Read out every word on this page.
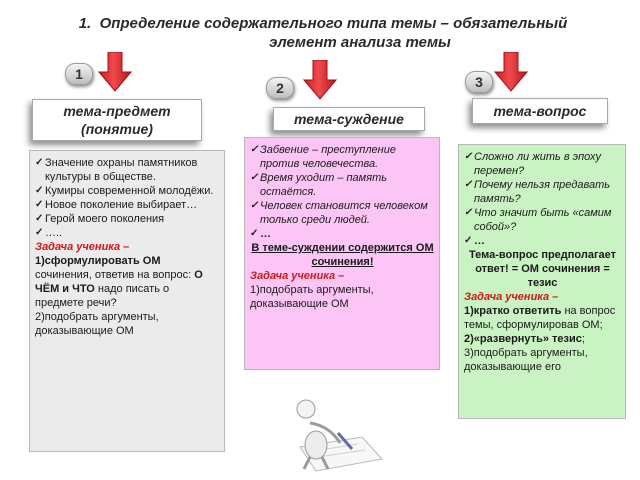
1. Определение содержательного типа темы – обязательный
элемент анализа темы
1
2	3
тема-предмет (понятие)
тема-суждение	тема-вопрос
✓ Значение охраны памятников культуры в обществе.
✓ Кумиры современной молодёжи.
✓ Новое поколение выбирает…
✓ Герой моего поколения
✓ …..
Задача ученика –
1)сформулировать ОМ сочинения, ответив на вопрос: О ЧЁМ и ЧТО надо писать о предмете речи?
2)подобрать аргументы, доказывающие ОМ
✓ Забвение – преступление против человечества.
✓ Время уходит – память остаётся.
✓ Человек становится человеком только среди людей.
✓ …
В теме-суждении содержится ОМ сочинения!
Задача ученика –
1)подобрать аргументы, доказывающие ОМ
✓ Сложно ли жить в эпоху перемен?
✓ Почему нельзя предавать память?
✓ Что значит быть «самим собой»?
✓ …
Тема-вопрос предполагает ответ! = ОМ сочинения = тезис
Задача ученика –
1)кратко ответить на вопрос темы, сформулировав ОМ;
2)«развернуть» тезис;
3)подобрать аргументы, доказывающие его
